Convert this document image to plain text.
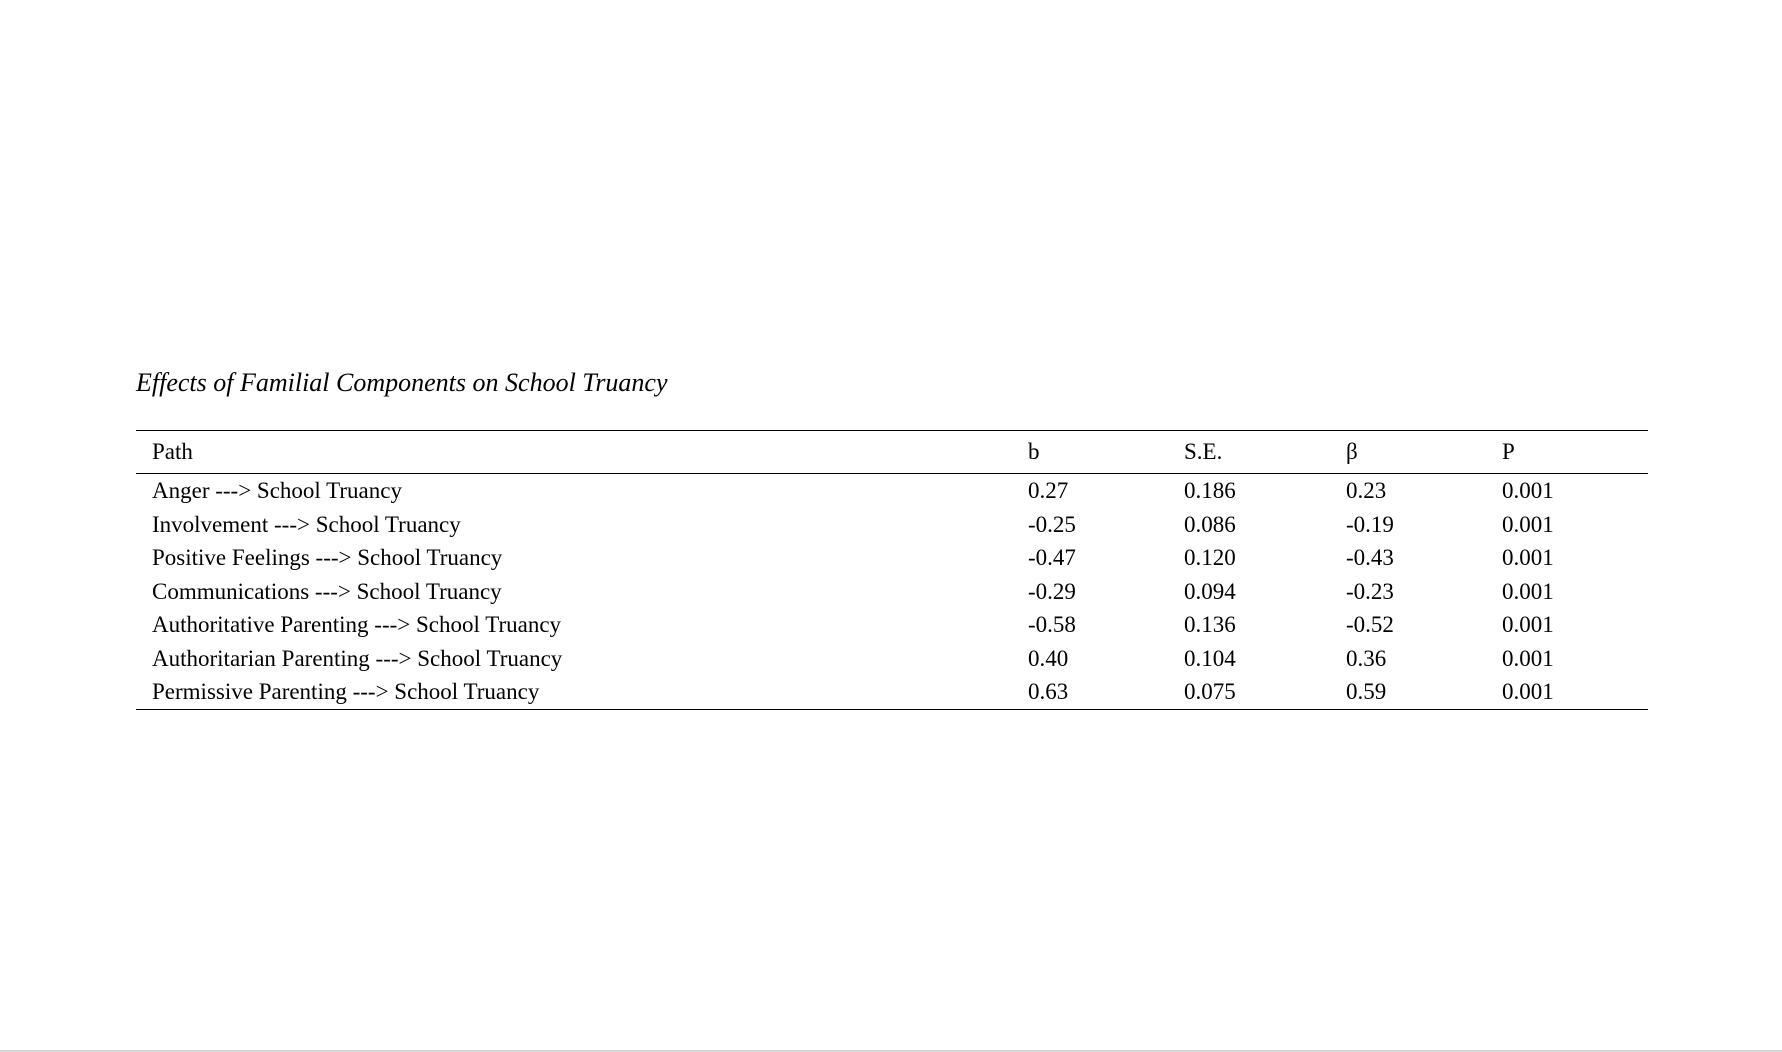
Effects of Familial Components on School Truancy
Path	b	S.E.	β	P
Anger ---> School Truancy	0.27	0.186	0.23	0.001
Involvement ---> School Truancy	-0.25	0.086	-0.19	0.001
Positive Feelings ---> School Truancy	-0.47	0.120	-0.43	0.001
Communications ---> School Truancy	-0.29	0.094	-0.23	0.001
Authoritative Parenting ---> School Truancy	-0.58	0.136	-0.52	0.001
Authoritarian Parenting ---> School Truancy	0.40	0.104	0.36	0.001
Permissive Parenting ---> School Truancy	0.63	0.075	0.59	0.001
